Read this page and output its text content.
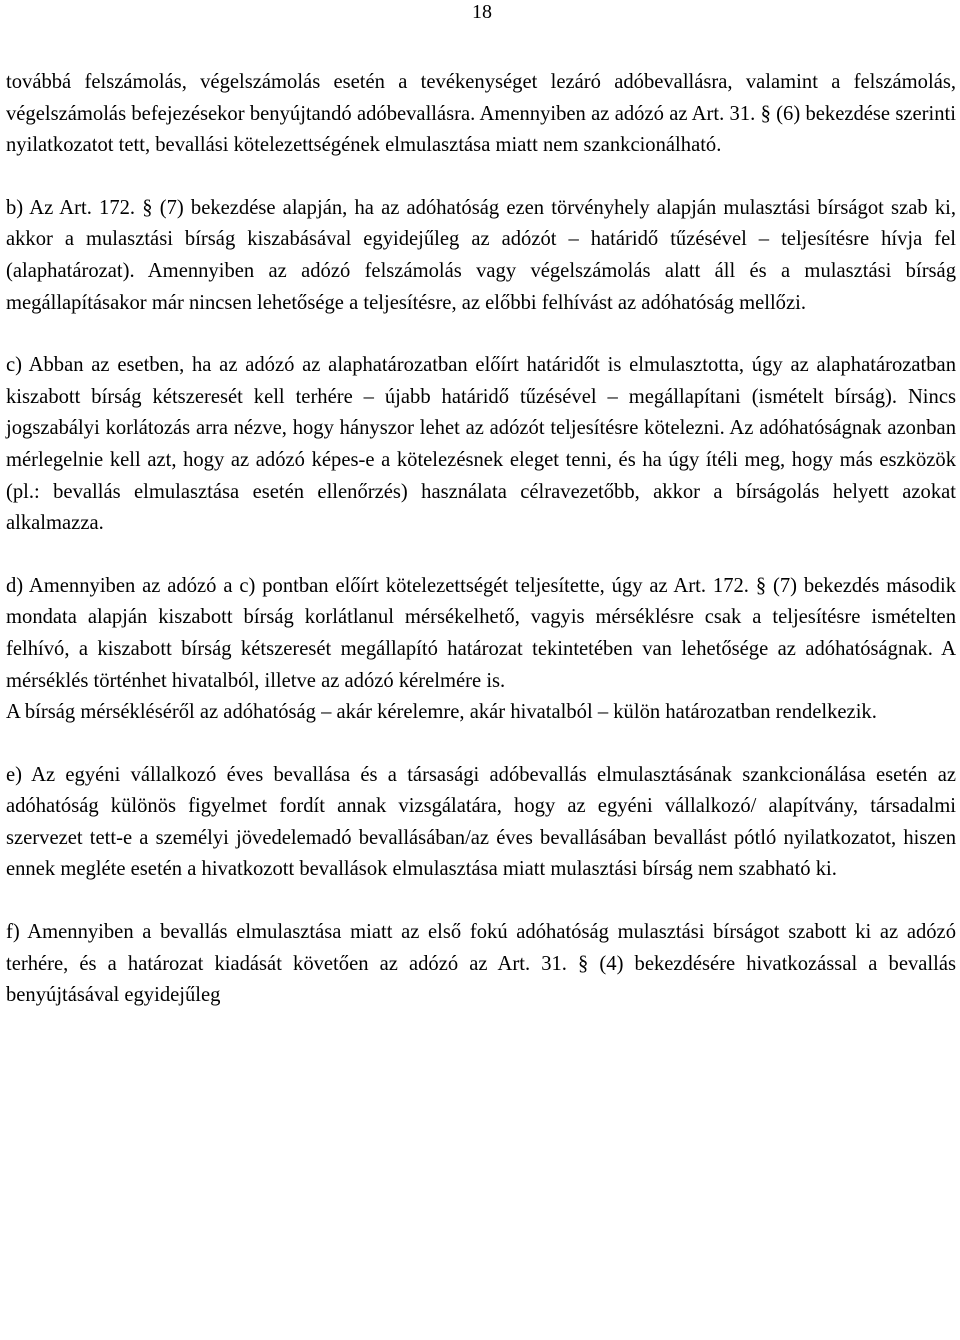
18

továbbá felszámolás, végelszámolás esetén a tevékenységet lezáró adóbevallásra, valamint a felszámolás, végelszámolás befejezésekor benyújtandó adóbevallásra. Amennyiben az adózó az Art. 31. § (6) bekezdése szerinti nyilatkozatot tett, bevallási kötelezettségének elmulasztása miatt nem szankcionálható.

b) Az Art. 172. § (7) bekezdése alapján, ha az adóhatóság ezen törvényhely alapján mulasztási bírságot szab ki, akkor a mulasztási bírság kiszabásával egyidejűleg az adózót – határidő tűzésével – teljesítésre hívja fel (alaphatározat). Amennyiben az adózó felszámolás vagy végelszámolás alatt áll és a mulasztási bírság megállapításakor már nincsen lehetősége a teljesítésre, az előbbi felhívást az adóhatóság mellőzi.

c) Abban az esetben, ha az adózó az alaphatározatban előírt határidőt is elmulasztotta, úgy az alaphatározatban kiszabott bírság kétszeresét kell terhére – újabb határidő tűzésével – megállapítani (ismételt bírság). Nincs jogszabályi korlátozás arra nézve, hogy hányszor lehet az adózót teljesítésre kötelezni. Az adóhatóságnak azonban mérlegelnie kell azt, hogy az adózó képes-e a kötelezésnek eleget tenni, és ha úgy ítéli meg, hogy más eszközök (pl.: bevallás elmulasztása esetén ellenőrzés) használata célravezetőbb, akkor a bírságolás helyett azokat alkalmazza.

d) Amennyiben az adózó a c) pontban előírt kötelezettségét teljesítette, úgy az Art. 172. § (7) bekezdés második mondata alapján kiszabott bírság korlátlanul mérsékelhető, vagyis mérséklésre csak a teljesítésre ismételten felhívó, a kiszabott bírság kétszeresét megállapító határozat tekintetében van lehetősége az adóhatóságnak. A mérséklés történhet hivatalból, illetve az adózó kérelmére is.

A bírság mérsékléséről az adóhatóság – akár kérelemre, akár hivatalból – külön határozatban rendelkezik.

e) Az egyéni vállalkozó éves bevallása és a társasági adóbevallás elmulasztásának szankcionálása esetén az adóhatóság különös figyelmet fordít annak vizsgálatára, hogy az egyéni vállalkozó/ alapítvány, társadalmi szervezet tett-e a személyi jövedelemadó bevallásában/az éves bevallásában bevallást pótló nyilatkozatot, hiszen ennek megléte esetén a hivatkozott bevallások elmulasztása miatt mulasztási bírság nem szabható ki.

f) Amennyiben a bevallás elmulasztása miatt az első fokú adóhatóság mulasztási bírságot szabott ki az adózó terhére, és a határozat kiadását követően az adózó az Art. 31. § (4) bekezdésére hivatkozással a bevallás benyújtásával egyidejűleg
